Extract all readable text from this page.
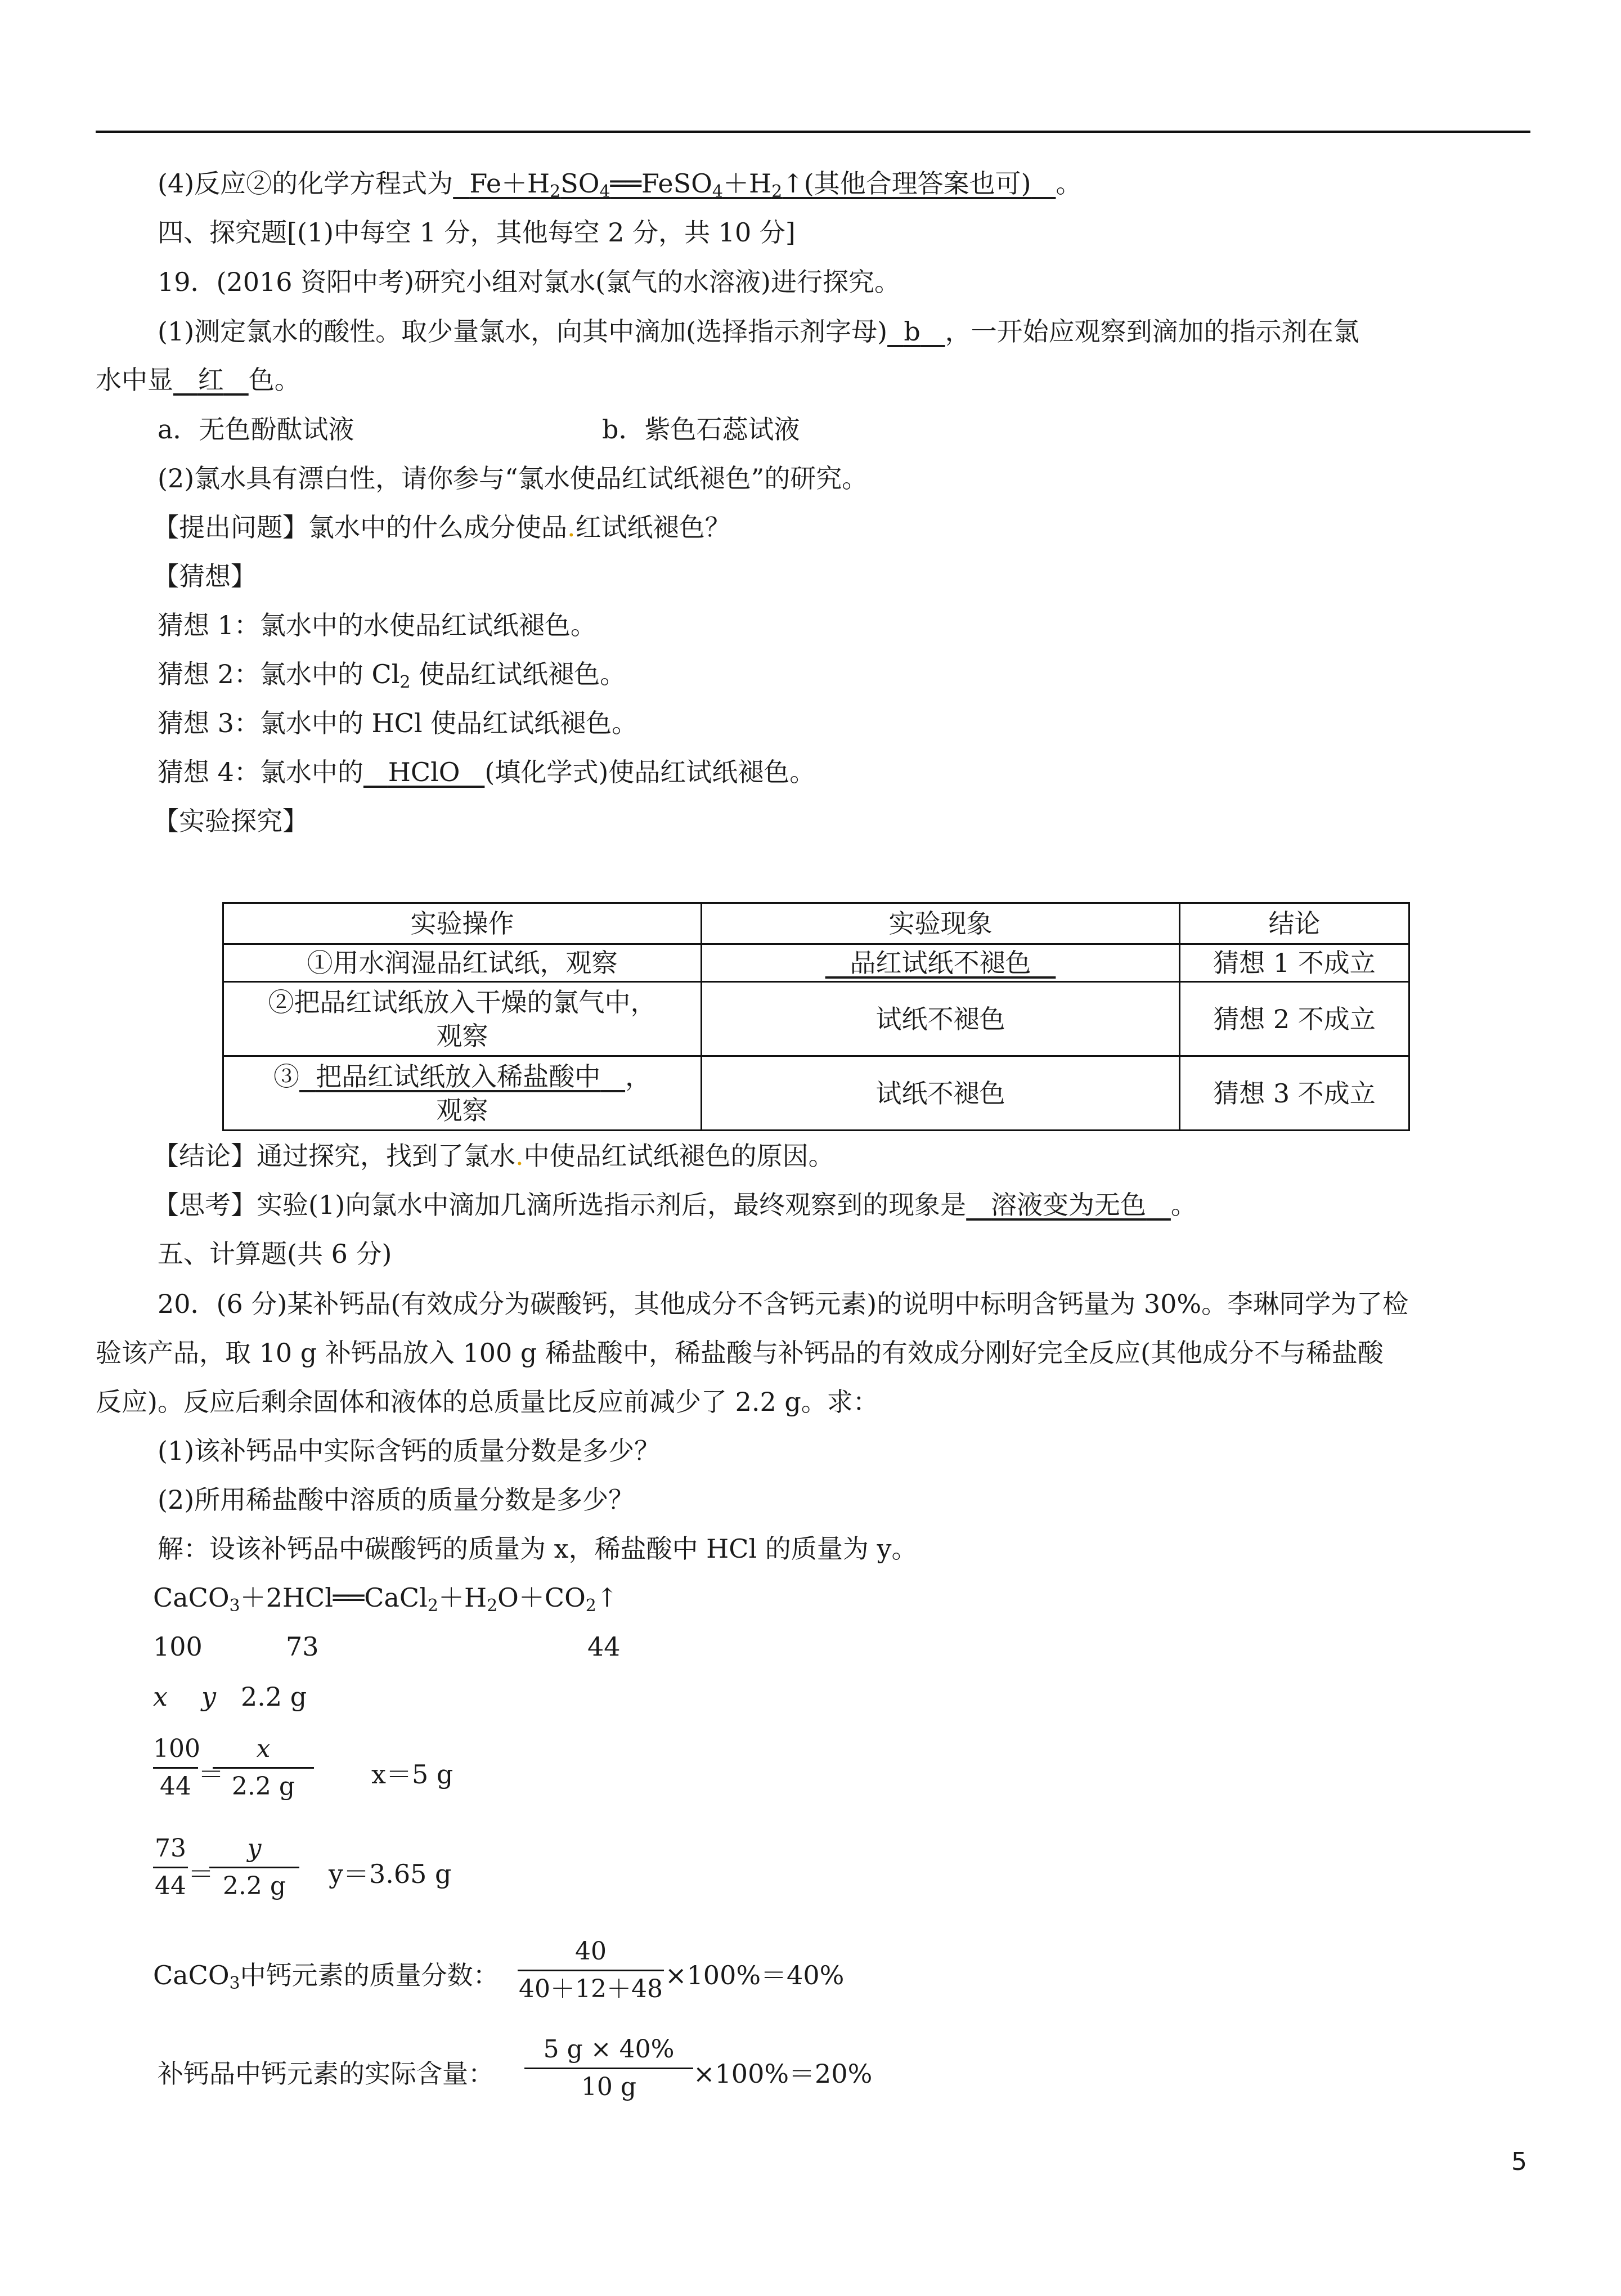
(4)反应②的化学方程式为 $Fe+H_2SO_4══FeSO_4+H_2↑$(其他合理答案也可) 。
四、探究题[(1)中每空 1 分，其他每空 2 分，共 10 分]
19．(2016 资阳中考)研究小组对氯水(氯气的水溶液)进行探究。
(1)测定氯水的酸性。取少量氯水，向其中滴加(选择指示剂字母) b ，一开始应观察到滴加的指示剂在氯
水中显 红 色。
a．无色酚酞试液	b．紫色石蕊试液
(2)氯水具有漂白性，请你参与“氯水使品红试纸褪色”的研究。
【提出问题】氯水中的什么成分使品.红试纸褪色？
【猜想】
猜想 1：氯水中的水使品红试纸褪色。
猜想 2：氯水中的 $Cl_2$ 使品红试纸褪色。
猜想 3：氯水中的 HCl 使品红试纸褪色。
猜想 4：氯水中的 HClO (填化学式)使品红试纸褪色。
【实验探究】
实验操作	实验现象	结论
①用水润湿品红试纸，观察	品红试纸不褪色	猜想 1 不成立
②把品红试纸放入干燥的氯气中，
观察	试纸不褪色	猜想 2 不成立
③ 把品红试纸放入稀盐酸中 ，
观察	试纸不褪色	猜想 3 不成立
【结论】通过探究，找到了氯水.中使品红试纸褪色的原因。
【思考】实验(1)向氯水中滴加几滴所选指示剂后，最终观察到的现象是 溶液变为无色 。
五、计算题(共 6 分)
20．(6 分)某补钙品(有效成分为碳酸钙，其他成分不含钙元素)的说明中标明含钙量为 30%。李琳同学为了检
验该产品，取 10 g 补钙品放入 100 g 稀盐酸中，稀盐酸与补钙品的有效成分刚好完全反应(其他成分不与稀盐酸
反应)。反应后剩余固体和液体的总质量比反应前减少了 2.2 g。求：
(1)该补钙品中实际含钙的质量分数是多少？
(2)所用稀盐酸中溶质的质量分数是多少？
解：设该补钙品中碳酸钙的质量为 x，稀盐酸中 HCl 的质量为 y。
$CaCO_3+2HCl══CaCl_2+H_2O+CO_2↑$
100	73	44
x y 2.2 g
100
44 ＝
x
2.2 g	x＝5 g
73
44 ＝
y
2.2 g	y＝3.65 g
CaCO$_3$中钙元素的质量分数：
40
40＋12＋48 ×100%＝40%
补钙品中钙元素的实际含量：
5 g × 40%
10 g	×100%＝20%
5
